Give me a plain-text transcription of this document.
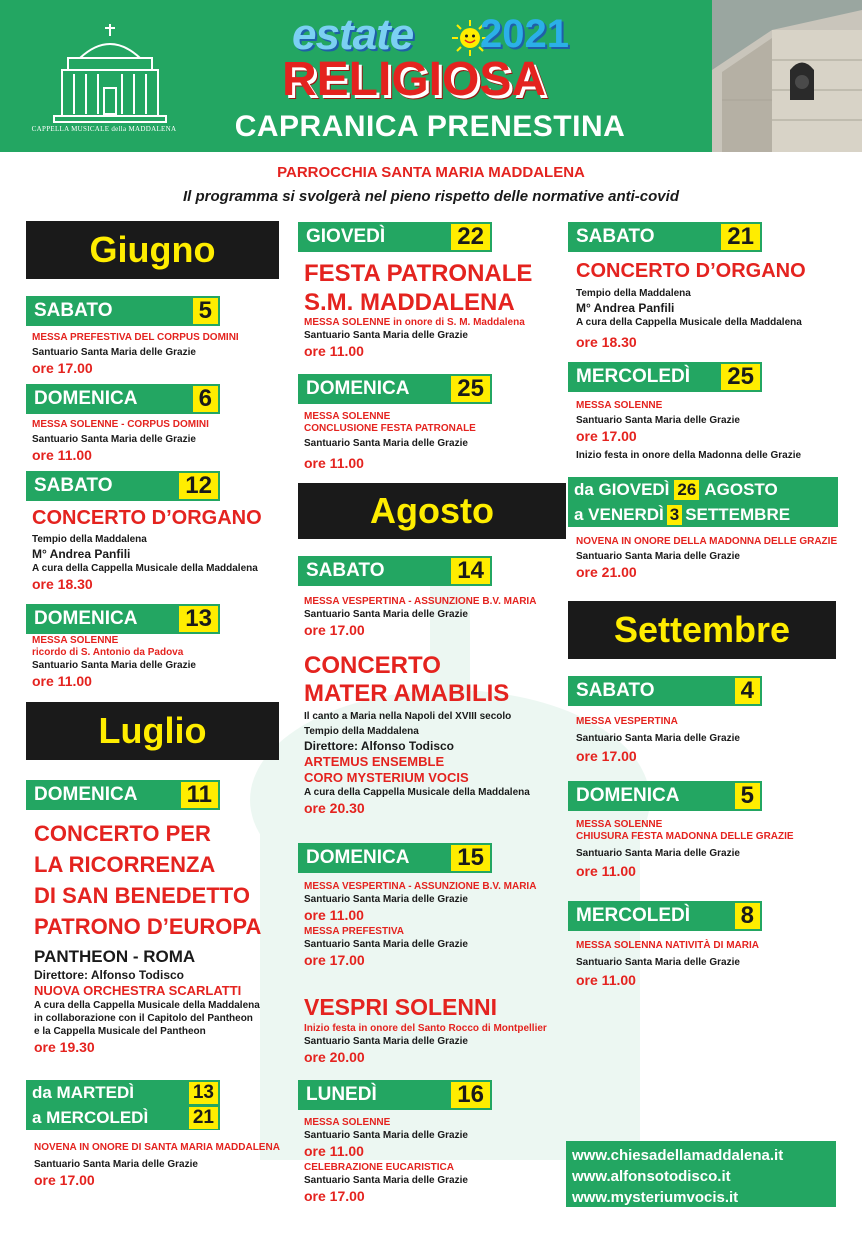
CAPPELLA MUSICALE della MADDALENA
estate 2021
RELIGIOSA
CAPRANICA PRENESTINA
PARROCCHIA SANTA MARIA MADDALENA
Il programma si svolgerà nel pieno rispetto delle normative anti-covid
Giugno
SABATO	5
MESSA PREFESTIVA DEL CORPUS DOMINI
Santuario Santa Maria delle Grazie
ore 17.00
DOMENICA	6
MESSA SOLENNE - CORPUS DOMINI
Santuario Santa Maria delle Grazie
ore 11.00
SABATO	12
CONCERTO D’ORGANO
Tempio della Maddalena
M° Andrea Panfili
A cura della Cappella Musicale della Maddalena
ore 18.30
DOMENICA	13
MESSA SOLENNE
ricordo di S. Antonio da Padova
Santuario Santa Maria delle Grazie
ore 11.00
Luglio
DOMENICA	11
CONCERTO PER
LA RICORRENZA
DI SAN BENEDETTO
PATRONO D’EUROPA
PANTHEON - ROMA
Direttore: Alfonso Todisco
NUOVA ORCHESTRA SCARLATTI
A cura della Cappella Musicale della Maddalena
in collaborazione con il Capitolo del Pantheon
e la Cappella Musicale del Pantheon
ore 19.30
da MARTEDÌ	13
a MERCOLEDÌ	21
NOVENA IN ONORE DI SANTA MARIA MADDALENA
Santuario Santa Maria delle Grazie
ore 17.00
GIOVEDÌ	22
FESTA PATRONALE
S.M. MADDALENA
MESSA SOLENNE in onore di S. M. Maddalena
Santuario Santa Maria delle Grazie
ore 11.00
DOMENICA	25
MESSA SOLENNE
CONCLUSIONE FESTA PATRONALE
Santuario Santa Maria delle Grazie
ore 11.00
Agosto
SABATO	14
MESSA VESPERTINA - ASSUNZIONE B.V. MARIA
Santuario Santa Maria delle Grazie
ore 17.00
CONCERTO
MATER AMABILIS
Il canto a Maria nella Napoli del XVIII secolo
Tempio della Maddalena
Direttore: Alfonso Todisco
ARTEMUS ENSEMBLE
CORO MYSTERIUM VOCIS
A cura della Cappella Musicale della Maddalena
ore 20.30
DOMENICA	15
MESSA VESPERTINA - ASSUNZIONE B.V. MARIA
Santuario Santa Maria delle Grazie
ore 11.00
MESSA PREFESTIVA
Santuario Santa Maria delle Grazie
ore 17.00
VESPRI SOLENNI
Inizio festa in onore del Santo Rocco di Montpellier
Santuario Santa Maria delle Grazie
ore 20.00
LUNEDÌ	16
MESSA SOLENNE
Santuario Santa Maria delle Grazie
ore 11.00
CELEBRAZIONE EUCARISTICA
Santuario Santa Maria delle Grazie
ore 17.00
SABATO	21
CONCERTO D’ORGANO
Tempio della Maddalena
M° Andrea Panfili
A cura della Cappella Musicale della Maddalena
ore 18.30
MERCOLEDÌ	25
MESSA SOLENNE
Santuario Santa Maria delle Grazie
ore 17.00
Inizio festa in onore della Madonna delle Grazie
da GIOVEDÌ 26 AGOSTO
a VENERDÌ 3 SETTEMBRE
NOVENA IN ONORE DELLA MADONNA DELLE GRAZIE
Santuario Santa Maria delle Grazie
ore 21.00
Settembre
SABATO	4
MESSA VESPERTINA
Santuario Santa Maria delle Grazie
ore 17.00
DOMENICA	5
MESSA SOLENNE
CHIUSURA FESTA MADONNA DELLE GRAZIE
Santuario Santa Maria delle Grazie
ore 11.00
MERCOLEDÌ	8
MESSA SOLENNA NATIVITÀ DI MARIA
Santuario Santa Maria delle Grazie
ore 11.00
www.chiesadellamaddalena.it
www.alfonsotodisco.it
www.mysteriumvocis.it
cappellamusicaledellamaddalena@gmail.com
